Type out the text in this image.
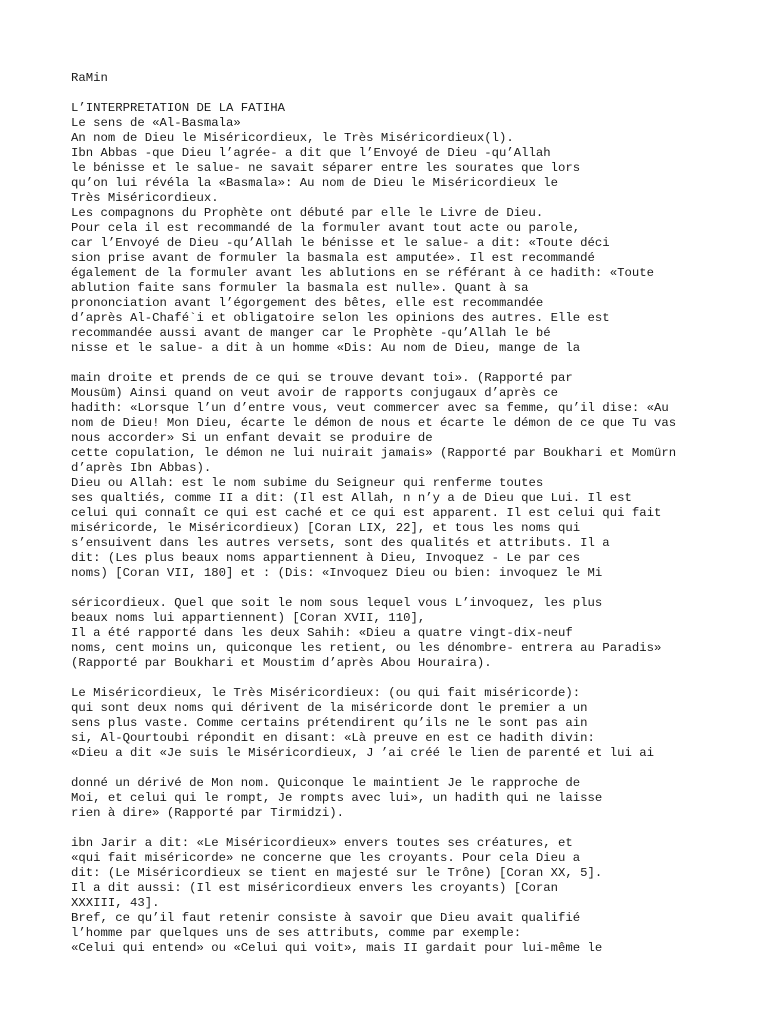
RaMin

L’INTERPRETATION DE LA FATIHA

Le sens de «Al-Basmala»

An nom de Dieu le Miséricordieux, le Très Miséricordieux(l).

Ibn Abbas -que Dieu l’agrée- a dit que l’Envoyé de Dieu -qu’Allah

le bénisse et le salue- ne savait séparer entre les sourates que lors

qu’on lui révéla la «Basmala»: Au nom de Dieu le Miséricordieux le

Très Miséricordieux.

Les compagnons du Prophète ont débuté par elle le Livre de Dieu.

Pour cela il est recommandé de la formuler avant tout acte ou parole,

car l’Envoyé de Dieu -qu’Allah le bénisse et le salue- a dit: «Toute déci

sion prise avant de formuler la basmala est amputée». Il est recommandé

également de la formuler avant les ablutions en se référant à ce hadith: «Toute

ablution faite sans formuler la basmala est nulle». Quant à sa

prononciation avant l’égorgement des bêtes, elle est recommandée

d’après Al-Chafé`i et obligatoire selon les opinions des autres. Elle est

recommandée aussi avant de manger car le Prophète -qu’Allah le bé

nisse et le salue- a dit à un homme «Dis: Au nom de Dieu, mange de la

main droite et prends de ce qui se trouve devant toi». (Rapporté par

Mousüm) Ainsi quand on veut avoir de rapports conjugaux d’après ce

hadith: «Lorsque l’un d’entre vous, veut commercer avec sa femme, qu’il dise: «Au

nom de Dieu! Mon Dieu, écarte le démon de nous et écarte le démon de ce que Tu vas

nous accorder» Si un enfant devait se produire de

cette copulation, le démon ne lui nuirait jamais» (Rapporté par Boukhari et Momürn

d’après Ibn Abbas).

Dieu ou Allah: est le nom subime du Seigneur qui renferme toutes

ses qualtiés, comme II a dit: (Il est Allah, n n’y a de Dieu que Lui. Il est

celui qui connaît ce qui est caché et ce qui est apparent. Il est celui qui fait

miséricorde, le Miséricordieux) [Coran LIX, 22], et tous les noms qui

s’ensuivent dans les autres versets, sont des qualités et attributs. Il a

dit: (Les plus beaux noms appartiennent à Dieu, Invoquez - Le par ces

noms) [Coran VII, 180] et : (Dis: «Invoquez Dieu ou bien: invoquez le Mi

séricordieux. Quel que soit le nom sous lequel vous L’invoquez, les plus

beaux noms lui appartiennent) [Coran XVII, 110],

Il a été rapporté dans les deux Sahih: «Dieu a quatre vingt-dix-neuf

noms, cent moins un, quiconque les retient, ou les dénombre- entrera au Paradis»

(Rapporté par Boukhari et Moustim d’après Abou Houraira).

Le Miséricordieux, le Très Miséricordieux: (ou qui fait miséricorde):

qui sont deux noms qui dérivent de la miséricorde dont le premier a un

sens plus vaste. Comme certains prétendirent qu’ils ne le sont pas ain

si, Al-Qourtoubi répondit en disant: «Là preuve en est ce hadith divin:

«Dieu a dit «Je suis le Miséricordieux, J ’ai créé le lien de parenté et lui ai

donné un dérivé de Mon nom. Quiconque le maintient Je le rapproche de

Moi, et celui qui le rompt, Je rompts avec lui», un hadith qui ne laisse

rien à dire» (Rapporté par Tirmidzi).

ibn Jarir a dit: «Le Miséricordieux» envers toutes ses créatures, et

«qui fait miséricorde» ne concerne que les croyants. Pour cela Dieu a

dit: (Le Miséricordieux se tient en majesté sur le Trône) [Coran XX, 5].

Il a dit aussi: (Il est miséricordieux envers les croyants) [Coran

XXXIII, 43].

Bref, ce qu’il faut retenir consiste à savoir que Dieu avait qualifié

l’homme par quelques uns de ses attributs, comme par exemple:

«Celui qui entend» ou «Celui qui voit», mais II gardait pour lui-même le
